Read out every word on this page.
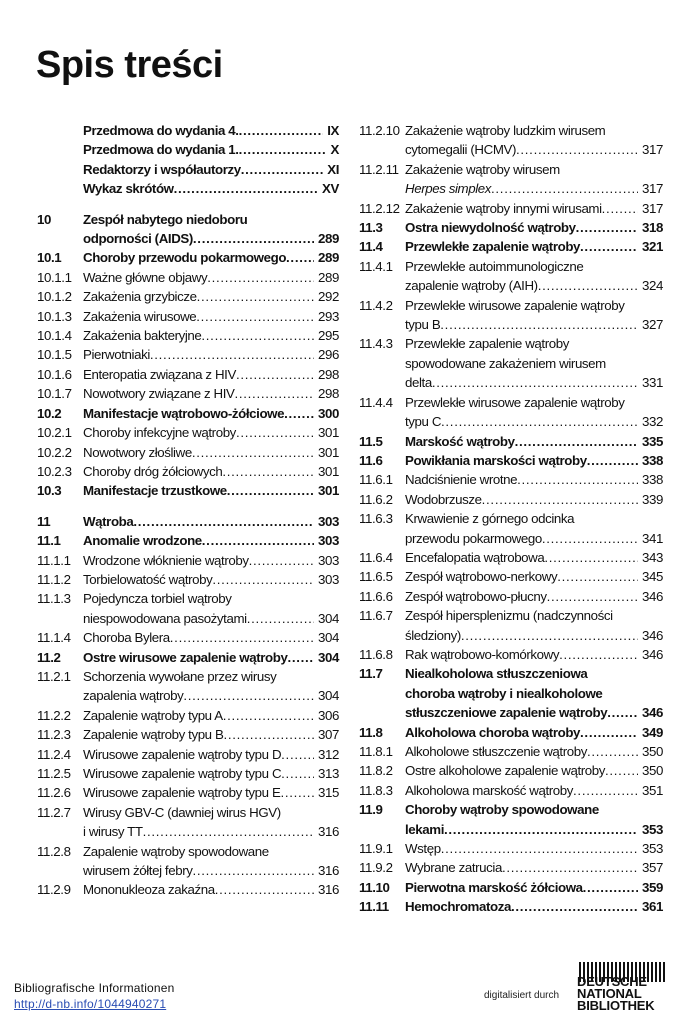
Spis treści
Przedmowa do wydania 4. . . .	IX
Przedmowa do wydania 1. . . .	X
Redaktorzy i współautorzy . . .	XI
Wykaz skrótów . . .	XV
10	Zespół nabytego niedoboru
odporności (AIDS) . . .	289
10.1	Choroby przewodu pokarmowego . . .	289
10.1.1 Ważne główne objawy . . .	289
10.1.2 Zakażenia grzybicze . . .	292
10.1.3 Zakażenia wirusowe . . .	293
10.1.4 Zakażenia bakteryjne . . .	295
10.1.5 Pierwotniaki . . .	296
10.1.6 Enteropatia związana z HIV . . .	298
10.1.7 Nowotwory związane z HIV . . .	298
10.2	Manifestacje wątrobowo-żółciowe . . .	300
10.2.1 Choroby infekcyjne wątroby . . .	301
10.2.2 Nowotwory złośliwe . . .	301
10.2.3 Choroby dróg żółciowych . . .	301
10.3	Manifestacje trzustkowe . . .	301
11	Wątroba . . .	303
11.1	Anomalie wrodzone . . .	303
11.1.1 Wrodzone włóknienie wątroby . . .	303
11.1.2 Torbielowatość wątroby . . .	303
11.1.3 Pojedyncza torbiel wątroby
niespowodowana pasożytami . . .	304
11.1.4 Choroba Bylera . . .	304
11.2	Ostre wirusowe zapalenie wątroby . . .	304
11.2.1 Schorzenia wywołane przez wirusy
zapalenia wątroby . . .	304
11.2.2 Zapalenie wątroby typu A . . .	306
11.2.3 Zapalenie wątroby typu B . . .	307
11.2.4 Wirusowe zapalenie wątroby typu D . . .	312
11.2.5 Wirusowe zapalenie wątroby typu C . . .	313
11.2.6 Wirusowe zapalenie wątroby typu E . . .	315
11.2.7 Wirusy GBV-C (dawniej wirus HGV)
i wirusy TT . . .	316
11.2.8 Zapalenie wątroby spowodowane
wirusem żółtej febry . . .	316
11.2.9 Mononukleoza zakaźna . . .	316
11.2.10 Zakażenie wątroby ludzkim wirusem
cytomegalii (HCMV) . . .	317
11.2.11 Zakażenie wątroby wirusem
Herpes simplex . . .	317
11.2.12 Zakażenie wątroby innymi wirusami . . .	317
11.3	Ostra niewydolność wątroby . . .	318
11.4	Przewlekłe zapalenie wątroby . . .	321
11.4.1 Przewlekłe autoimmunologiczne
zapalenie wątroby (AIH) . . .	324
11.4.2 Przewlekłe wirusowe zapalenie wątroby
typu B . . .	327
11.4.3 Przewlekłe zapalenie wątroby
spowodowane zakażeniem wirusem
delta . . .	331
11.4.4 Przewlekłe wirusowe zapalenie wątroby
typu C . . .	332
11.5	Marskość wątroby . . .	335
11.6	Powikłania marskości wątroby . . .	338
11.6.1 Nadciśnienie wrotne . . .	338
11.6.2 Wodobrzusze . . .	339
11.6.3 Krwawienie z górnego odcinka
przewodu pokarmowego . . .	341
11.6.4 Encefalopatia wątrobowa . . .	343
11.6.5 Zespół wątrobowo-nerkowy . . .	345
11.6.6 Zespół wątrobowo-płucny . . .	346
11.6.7 Zespół hipersplenizmu (nadczynności
śledziony) . . .	346
11.6.8 Rak wątrobowo-komórkowy . . .	346
11.7	Niealkoholowa stłuszczeniowa
choroba wątroby i niealkoholowe
stłuszczeniowe zapalenie wątroby . . .	346
11.8	Alkoholowa choroba wątroby . . .	349
11.8.1 Alkoholowe stłuszczenie wątroby . . .	350
11.8.2 Ostre alkoholowe zapalenie wątroby . . .	350
11.8.3 Alkoholowa marskość wątroby . . .	351
11.9	Choroby wątroby spowodowane
lekami . . .	353
11.9.1 Wstęp . . .	353
11.9.2 Wybrane zatrucia . . .	357
11.10	Pierwotna marskość żółciowa . . .	359
11.11	Hemochromatoza . . .	361
Bibliografische Informationen
http://d-nb.info/1044940271
digitalisiert durch
DEUTSCHE
NATIONAL
BIBLIOTHEK
